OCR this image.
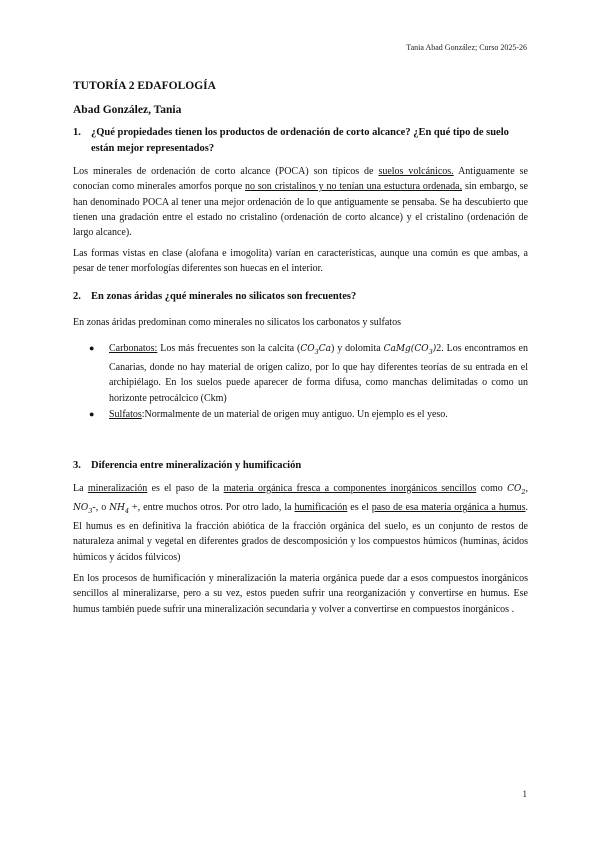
Tania Abad González; Curso 2025-26
TUTORÍA 2 EDAFOLOGÍA
Abad González, Tania
1. ¿Qué propiedades tienen los productos de ordenación de corto alcance? ¿En qué tipo de suelo están mejor representados?

Los minerales de ordenación de corto alcance (POCA) son típicos de suelos volcánicos. Antiguamente se conocían como minerales amorfos porque no son cristalinos y no tenían una estuctura ordenada, sin embargo, se han denominado POCA al tener una mejor ordenación de lo que antiguamente se pensaba. Se ha descubierto que tienen una gradación entre el estado no cristalino (ordenación de corto alcance) y el cristalino (ordenación de largo alcance).

Las formas vistas en clase (alofana e imogolita) varían en características, aunque una común es que ambas, a pesar de tener morfologías diferentes son huecas en el interior.

2. En zonas áridas ¿qué minerales no silicatos son frecuentes?

En zonas áridas predominan como minerales no silicatos los carbonatos y sulfatos

● Carbonatos: Los más frecuentes son la calcita $(CO_3Ca)$ y dolomita $CaMg(CO_3)2$. Los encontramos en Canarias, donde no hay material de origen calizo, por lo que hay diferentes teorías de su entrada en el archipiélago. En los suelos puede aparecer de forma difusa, como manchas delimitadas o como un horizonte petrocálcico (Ckm)
● Sulfatos:Normalmente de un material de origen muy antiguo. Un ejemplo es el yeso.
3. Diferencia entre mineralización y humificación

La mineralización es el paso de la materia orgánica fresca a componentes inorgánicos sencillos como $CO_2$, $NO_3-$, o $NH_4$ +, entre muchos otros. Por otro lado, la humificación es el paso de esa materia orgánica a humus. El humus es en definitiva la fracción abiótica de la fracción orgánica del suelo, es un conjunto de restos de naturaleza animal y vegetal en diferentes grados de descomposición y los compuestos húmicos (huminas, ácidos húmicos y ácidos fúlvicos)

En los procesos de humificación y mineralización la materia orgánica puede dar a esos compuestos inorgánicos sencillos al mineralizarse, pero a su vez, estos pueden sufrir una reorganización y convertirse en humus. Ese humus también puede sufrir una mineralización secundaria y volver a convertirse en compuestos inorgánicos .

1
